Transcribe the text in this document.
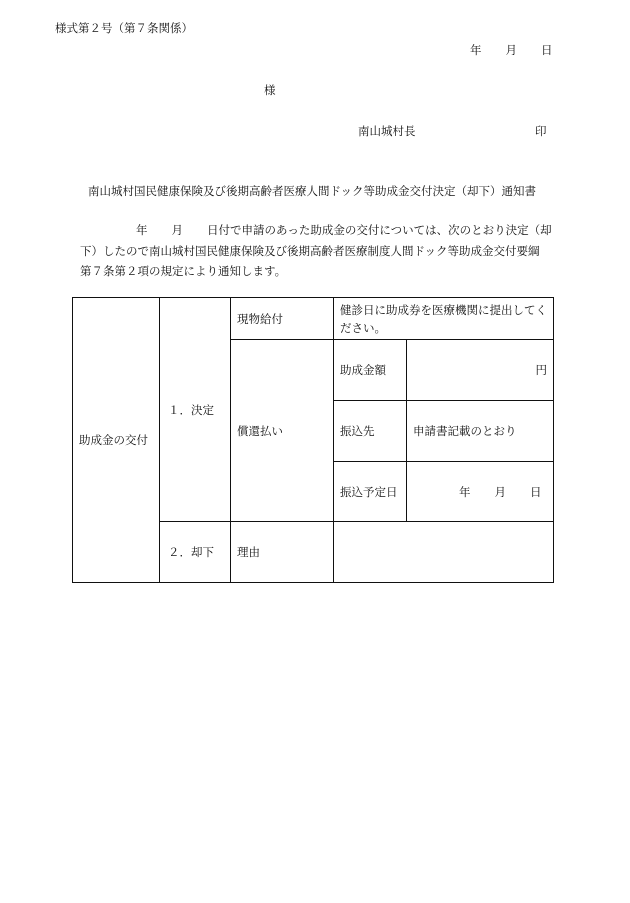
様式第２号（第７条関係）
年 月 日
様
南山城村長	印
南山城村国民健康保険及び後期高齢者医療人間ドック等助成金交付決定（却下）通知書
年 月 日付で申請のあった助成金の交付については、次のとおり決定（却
下）したので南山城村国民健康保険及び後期高齢者医療制度人間ドック等助成金交付要綱
第７条第２項の規定により通知します。
助成金の交付	１．決定	現物給付	健診日に助成券を医療機関に提出してください。	
		償還払い	助成金額	円
			振込先	申請書記載のとおり
			振込予定日	年 月 日
	２．却下	理由		
